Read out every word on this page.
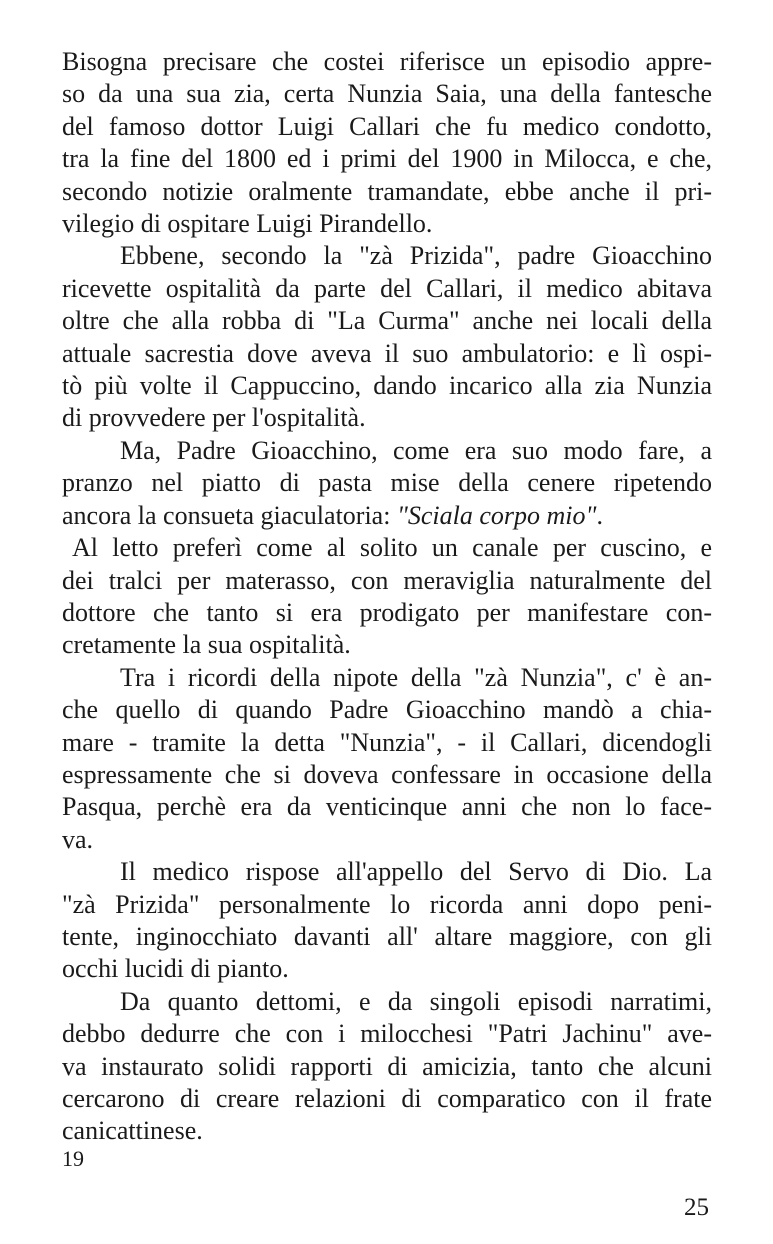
Bisogna precisare che costei riferisce un episodio appre-
so da una sua zia, certa Nunzia Saia, una della fantesche
del famoso dottor Luigi Callari che fu medico condotto,
tra la fine del 1800 ed i primi del 1900 in Milocca, e che,
secondo notizie oralmente tramandate, ebbe anche il pri-
vilegio di ospitare Luigi Pirandello.

Ebbene, secondo la "zà Prizida", padre Gioacchino
ricevette ospitalità da parte del Callari, il medico abitava
oltre che alla robba di "La Curma" anche nei locali della
attuale sacrestia dove aveva il suo ambulatorio: e lì ospi-
tò più volte il Cappuccino, dando incarico alla zia Nunzia
di provvedere per l'ospitalità.

Ma, Padre Gioacchino, come era suo modo fare, a
pranzo nel piatto di pasta mise della cenere ripetendo
ancora la consueta giaculatoria: "Sciala corpo mio".

Al letto preferì come al solito un canale per cuscino, e
dei tralci per materasso, con meraviglia naturalmente del
dottore che tanto si era prodigato per manifestare con-
cretamente la sua ospitalità.

Tra i ricordi della nipote della "zà Nunzia", c' è an-
che quello di quando Padre Gioacchino mandò a chia-
mare - tramite la detta "Nunzia", - il Callari, dicendogli
espressamente che si doveva confessare in occasione della
Pasqua, perchè era da venticinque anni che non lo face-
va.

Il medico rispose all'appello del Servo di Dio. La
"zà Prizida" personalmente lo ricorda anni dopo peni-
tente, inginocchiato davanti all' altare maggiore, con gli
occhi lucidi di pianto.

Da quanto dettomi, e da singoli episodi narratimi,
debbo dedurre che con i milocchesi "Patri Jachinu" ave-
va instaurato solidi rapporti di amicizia, tanto che alcuni
cercarono di creare relazioni di comparatico con il frate
canicattinese.

19
25
